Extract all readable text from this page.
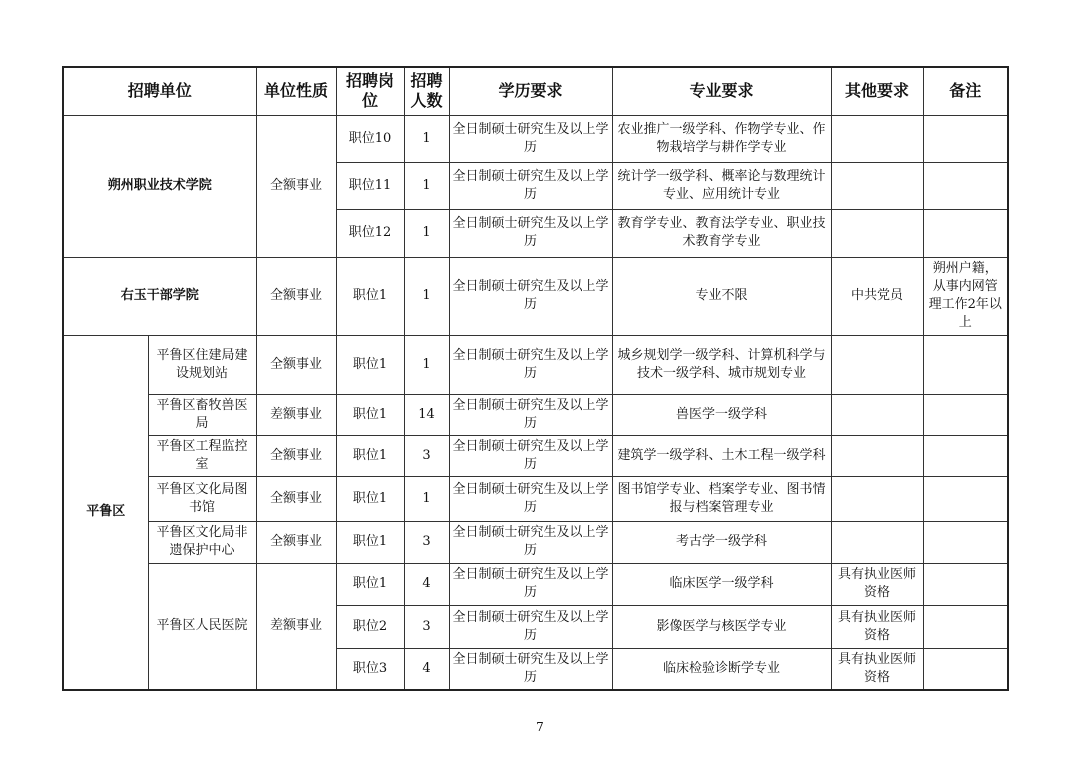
招聘单位		单位性质	招聘岗位	招聘人数	学历要求	专业要求	其他要求	备注
朔州职业技术学院		全额事业	职位10	1	全日制硕士研究生及以上学历	农业推广一级学科、作物学专业、作物栽培学与耕作学专业		
			职位11	1	全日制硕士研究生及以上学历	统计学一级学科、概率论与数理统计专业、应用统计专业		
			职位12	1	全日制硕士研究生及以上学历	教育学专业、教育法学专业、职业技术教育学专业		
右玉干部学院		全额事业	职位1	1	全日制硕士研究生及以上学历	专业不限	中共党员	朔州户籍，从事内网管理工作2年以上
平鲁区	平鲁区住建局建设规划站	全额事业	职位1	1	全日制硕士研究生及以上学历	城乡规划学一级学科、计算机科学与技术一级学科、城市规划专业		
	平鲁区畜牧兽医局	差额事业	职位1	14	全日制硕士研究生及以上学历	兽医学一级学科		
	平鲁区工程监控室	全额事业	职位1	3	全日制硕士研究生及以上学历	建筑学一级学科、土木工程一级学科		
	平鲁区文化局图书馆	全额事业	职位1	1	全日制硕士研究生及以上学历	图书馆学专业、档案学专业、图书情报与档案管理专业		
	平鲁区文化局非遗保护中心	全额事业	职位1	3	全日制硕士研究生及以上学历	考古学一级学科		
	平鲁区人民医院	差额事业	职位1	4	全日制硕士研究生及以上学历	临床医学一级学科	具有执业医师资格	
			职位2	3	全日制硕士研究生及以上学历	影像医学与核医学专业	具有执业医师资格	
			职位3	4	全日制硕士研究生及以上学历	临床检验诊断学专业	具有执业医师资格	
7
